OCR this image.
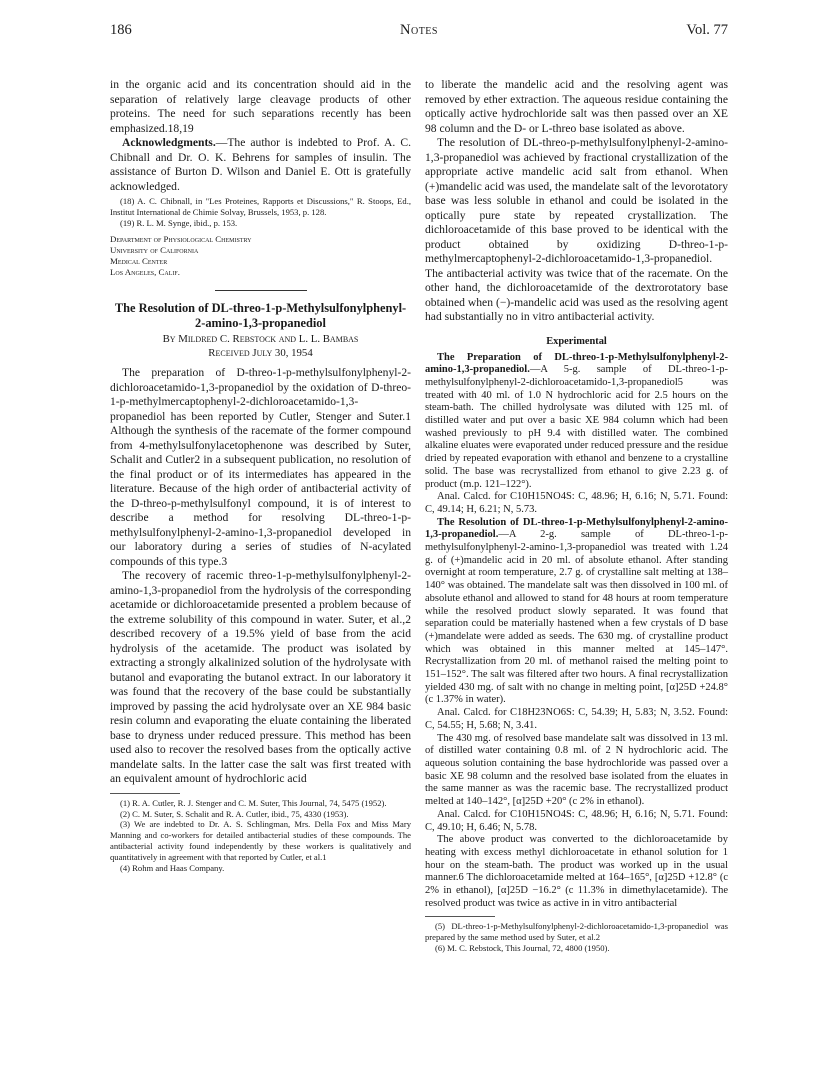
186	Notes	Vol. 77

in the organic acid and its concentration should aid in the separation of relatively large cleavage products of other proteins. The need for such separations recently has been emphasized.18,19

Acknowledgments.—The author is indebted to Prof. A. C. Chibnall and Dr. O. K. Behrens for samples of insulin. The assistance of Burton D. Wilson and Daniel E. Ott is gratefully acknowledged.

(18) A. C. Chibnall, in "Les Proteines, Rapports et Discussions," R. Stoops, Ed., Institut International de Chimie Solvay, Brussels, 1953, p. 128.

(19) R. L. M. Synge, ibid., p. 153.

Department of Physiological Chemistry
University of California
Medical Center
Los Angeles, Calif.
The Resolution of DL-threo-1-p-Methylsulfonylphenyl-2-amino-1,3-propanediol
By Mildred C. Rebstock and L. L. Bambas
Received July 30, 1954

The preparation of D-threo-1-p-methylsulfonylphenyl-2-dichloroacetamido-1,3-propanediol by the oxidation of D-threo-1-p-methylmercaptophenyl-2-dichloroacetamido-1,3-propanediol has been reported by Cutler, Stenger and Suter.1 Although the synthesis of the racemate of the former compound from 4-methylsulfonylacetophenone was described by Suter, Schalit and Cutler2 in a subsequent publication, no resolution of the final product or of its intermediates has appeared in the literature. Because of the high order of antibacterial activity of the D-threo-p-methylsulfonyl compound, it is of interest to describe a method for resolving DL-threo-1-p-methylsulfonylphenyl-2-amino-1,3-propanediol developed in our laboratory during a series of studies of N-acylated compounds of this type.3

The recovery of racemic threo-1-p-methylsulfonylphenyl-2-amino-1,3-propanediol from the hydrolysis of the corresponding acetamide or dichloroacetamide presented a problem because of the extreme solubility of this compound in water. Suter, et al.,2 described recovery of a 19.5% yield of base from the acid hydrolysis of the acetamide. The product was isolated by extracting a strongly alkalinized solution of the hydrolysate with butanol and evaporating the butanol extract. In our laboratory it was found that the recovery of the base could be substantially improved by passing the acid hydrolysate over an XE 984 basic resin column and evaporating the eluate containing the liberated base to dryness under reduced pressure. This method has been used also to recover the resolved bases from the optically active mandelate salts. In the latter case the salt was first treated with an equivalent amount of hydrochloric acid

(1) R. A. Cutler, R. J. Stenger and C. M. Suter, This Journal, 74, 5475 (1952).

(2) C. M. Suter, S. Schalit and R. A. Cutler, ibid., 75, 4330 (1953).

(3) We are indebted to Dr. A. S. Schlingman, Mrs. Della Fox and Miss Mary Manning and co-workers for detailed antibacterial studies of these compounds. The antibacterial activity found independently by these workers is qualitatively and quantitatively in agreement with that reported by Cutler, et al.1

(4) Rohm and Haas Company.

to liberate the mandelic acid and the resolving agent was removed by ether extraction. The aqueous residue containing the optically active hydrochloride salt was then passed over an XE 98 column and the D- or L-threo base isolated as above.

The resolution of DL-threo-p-methylsulfonylphenyl-2-amino-1,3-propanediol was achieved by fractional crystallization of the appropriate active mandelic acid salt from ethanol. When (+)mandelic acid was used, the mandelate salt of the levorotatory base was less soluble in ethanol and could be isolated in the optically pure state by repeated crystallization. The dichloroacetamide of this base proved to be identical with the product obtained by oxidizing D-threo-1-p-methylmercaptophenyl-2-dichloroacetamido-1,3-propanediol. The antibacterial activity was twice that of the racemate. On the other hand, the dichloroacetamide of the dextrorotatory base obtained when (−)-mandelic acid was used as the resolving agent had substantially no in vitro antibacterial activity.

Experimental

The Preparation of DL-threo-1-p-Methylsulfonylphenyl-2-amino-1,3-propanediol.—A 5-g. sample of DL-threo-1-p-methylsulfonylphenyl-2-dichloroacetamido-1,3-propanediol5 was treated with 40 ml. of 1.0 N hydrochloric acid for 2.5 hours on the steam-bath. The chilled hydrolysate was diluted with 125 ml. of distilled water and put over a basic XE 984 column which had been washed previously to pH 9.4 with distilled water. The combined alkaline eluates were evaporated under reduced pressure and the residue dried by repeated evaporation with ethanol and benzene to a crystalline solid. The base was recrystallized from ethanol to give 2.23 g. of product (m.p. 121–122°).

Anal. Calcd. for C10H15NO4S: C, 48.96; H, 6.16; N, 5.71. Found: C, 49.14; H, 6.21; N, 5.73.

The Resolution of DL-threo-1-p-Methylsulfonylphenyl-2-amino-1,3-propanediol.—A 2-g. sample of DL-threo-1-p-methylsulfonylphenyl-2-amino-1,3-propanediol was treated with 1.24 g. of (+)mandelic acid in 20 ml. of absolute ethanol. After standing overnight at room temperature, 2.7 g. of crystalline salt melting at 138–140° was obtained. The mandelate salt was then dissolved in 100 ml. of absolute ethanol and allowed to stand for 48 hours at room temperature while the resolved product slowly separated. It was found that separation could be materially hastened when a few crystals of D base (+)mandelate were added as seeds. The 630 mg. of crystalline product which was obtained in this manner melted at 145–147°. Recrystallization from 20 ml. of methanol raised the melting point to 151–152°. The salt was filtered after two hours. A final recrystallization yielded 430 mg. of salt with no change in melting point, [α]25D +24.8° (c 1.37% in water).

Anal. Calcd. for C18H23NO6S: C, 54.39; H, 5.83; N, 3.52. Found: C, 54.55; H, 5.68; N, 3.41.

The 430 mg. of resolved base mandelate salt was dissolved in 13 ml. of distilled water containing 0.8 ml. of 2 N hydrochloric acid. The aqueous solution containing the base hydrochloride was passed over a basic XE 98 column and the resolved base isolated from the eluates in the same manner as was the racemic base. The recrystallized product melted at 140–142°, [α]25D +20° (c 2% in ethanol).

Anal. Calcd. for C10H15NO4S: C, 48.96; H, 6.16; N, 5.71. Found: C, 49.10; H, 6.46; N, 5.78.

The above product was converted to the dichloroacetamide by heating with excess methyl dichloroacetate in ethanol solution for 1 hour on the steam-bath. The product was worked up in the usual manner.6 The dichloroacetamide melted at 164–165°, [α]25D +12.8° (c 2% in ethanol), [α]25D −16.2° (c 11.3% in dimethylacetamide). The resolved product was twice as active in in vitro antibacterial

(5) DL-threo-1-p-Methylsulfonylphenyl-2-dichloroacetamido-1,3-propanediol was prepared by the same method used by Suter, et al.2

(6) M. C. Rebstock, This Journal, 72, 4800 (1950).
